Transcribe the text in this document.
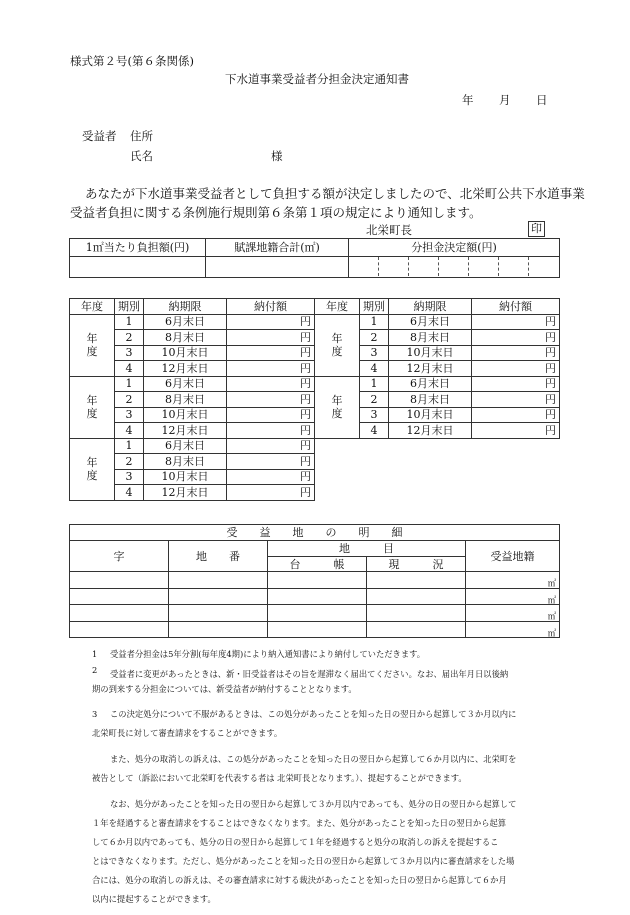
様式第２号(第６条関係)
下水道事業受益者分担金決定通知書
年 月 日
受益者 住所
氏名	様
あなたが下水道事業受益者として負担する額が決定しましたので、北栄町公共下水道事業
受益者負担に関する条例施行規則第６条第１項の規定により通知します。
北栄町長	印
1㎡当たり負担額(円)	賦課地籍合計(㎡)	分担金決定額(円)

年度	期別	納期限	納付額

年
度	1	6月末日	円
	2	8月末日	円
	3	10月末日	円
	4	12月末日	円

年
度	1	6月末日	円
	2	8月末日	円
	3	10月末日	円
	4	12月末日	円

年
度	1	6月末日	円
	2	8月末日	円
	3	10月末日	円
	4	12月末日	円
年度	期別	納期限	納付額

年
度	1	6月末日	円
	2	8月末日	円
	3	10月末日	円
	4	12月末日	円

年
度	1	6月末日	円
	2	8月末日	円
	3	10月末日	円
	4	12月末日	円
受　　益　　地　　の　　明　　細				
字	地　　番	地　　　目		受益地籍
		台　　　帳	現　　　況	
				㎡
				㎡
				㎡
				㎡
1 受益者分担金は5年分割(毎年度4期)により納入通知書により納付していただきます。
2 受益者に変更があったときは、新・旧受益者はその旨を遅滞なく届出てください。なお、届出年月日以後納
期の到来する分担金については、新受益者が納付することとなります。
3 この決定処分について不服があるときは、この処分があったことを知った日の翌日から起算して３か月以内に
北栄町長に対して審査請求をすることができます。
また、処分の取消しの訴えは、この処分があったことを知った日の翌日から起算して６か月以内に、北栄町を
被告として（訴訟において北栄町を代表する者は 北栄町長となります。）、提起することができます。
なお、処分があったことを知った日の翌日から起算して３か月以内であっても、処分の日の翌日から起算して
１年を経過すると審査請求をすることはできなくなります。また、処分があったことを知った日の翌日から起算
して６か月以内であっても、処分の日の翌日から起算して１年を経過すると処分の取消しの訴えを提起するこ
とはできなくなります。ただし、処分があったことを知った日の翌日から起算して３か月以内に審査請求をした場
合には、処分の取消しの訴えは、その審査請求に対する裁決があったことを知った日の翌日から起算して６か月
以内に提起することができます。
